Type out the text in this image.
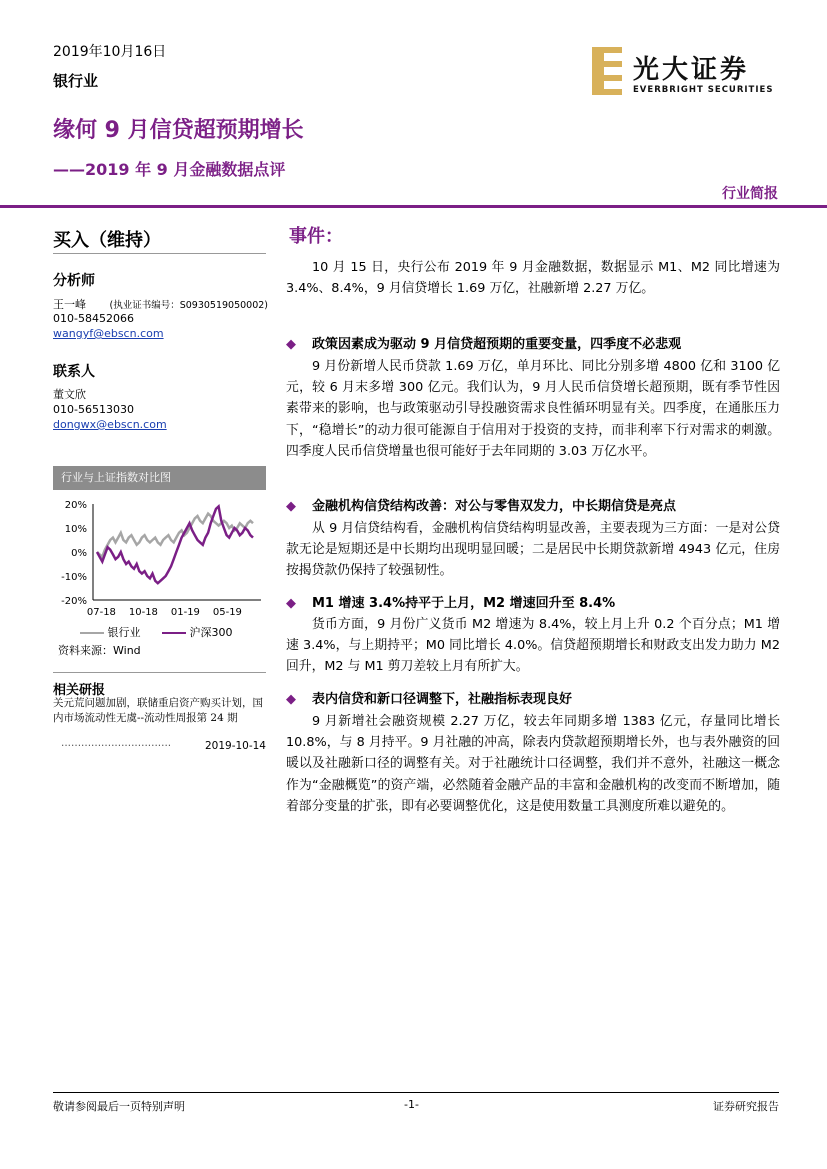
2019年10月16日
银行业
缘何 9 月信贷超预期增长
——2019 年 9 月金融数据点评
行业简报
光大证券
EVERBRIGHT SECURITIES
买入（维持）
分析师
王一峰 (执业证书编号：S0930519050002)
010-58452066
wangyf@ebscn.com
联系人
董文欣
010-56513030
dongwx@ebscn.com
行业与上证指数对比图
20%
10%
0%
-10%
-20%
07-18 10-18 01-19 05-19
银行业	沪深300
资料来源：Wind
相关研报
关元荒问题加剧，联储重启资产购买计划，国内市场流动性无虞--流动性周报第 24 期
·································	2019-10-14
事件：

10 月 15 日，央行公布 2019 年 9 月金融数据，数据显示 M1、M2 同比增速为 3.4%、8.4%，9 月信贷增长 1.69 万亿，社融新增 2.27 万亿。

◆ 政策因素成为驱动 9 月信贷超预期的重要变量，四季度不必悲观

9 月份新增人民币贷款 1.69 万亿，单月环比、同比分别多增 4800 亿和 3100 亿元，较 6 月末多增 300 亿元。我们认为，9 月人民币信贷增长超预期，既有季节性因素带来的影响，也与政策驱动引导投融资需求良性循环明显有关。四季度，在通胀压力下，“稳增长”的动力很可能源自于信用对于投资的支持，而非利率下行对需求的刺激。四季度人民币信贷增量也很可能好于去年同期的 3.03 万亿水平。

◆ 金融机构信贷结构改善：对公与零售双发力，中长期信贷是亮点

从 9 月信贷结构看，金融机构信贷结构明显改善，主要表现为三方面：一是对公贷款无论是短期还是中长期均出现明显回暖；二是居民中长期贷款新增 4943 亿元，住房按揭贷款仍保持了较强韧性。

◆ M1 增速 3.4%持平于上月，M2 增速回升至 8.4%

货币方面，9 月份广义货币 M2 增速为 8.4%，较上月上升 0.2 个百分点；M1 增速 3.4%，与上期持平；M0 同比增长 4.0%。信贷超预期增长和财政支出发力助力 M2 回升，M2 与 M1 剪刀差较上月有所扩大。

◆ 表内信贷和新口径调整下，社融指标表现良好

9 月新增社会融资规模 2.27 万亿，较去年同期多增 1383 亿元，存量同比增长 10.8%，与 8 月持平。9 月社融的冲高，除表内贷款超预期增长外，也与表外融资的回暖以及社融新口径的调整有关。对于社融统计口径调整，我们并不意外，社融这一概念作为“金融概览”的资产端，必然随着金融产品的丰富和金融机构的改变而不断增加，随着部分变量的扩张，即有必要调整优化，这是使用数量工具测度所难以避免的。

敬请参阅最后一页特别声明	-1-	证券研究报告
